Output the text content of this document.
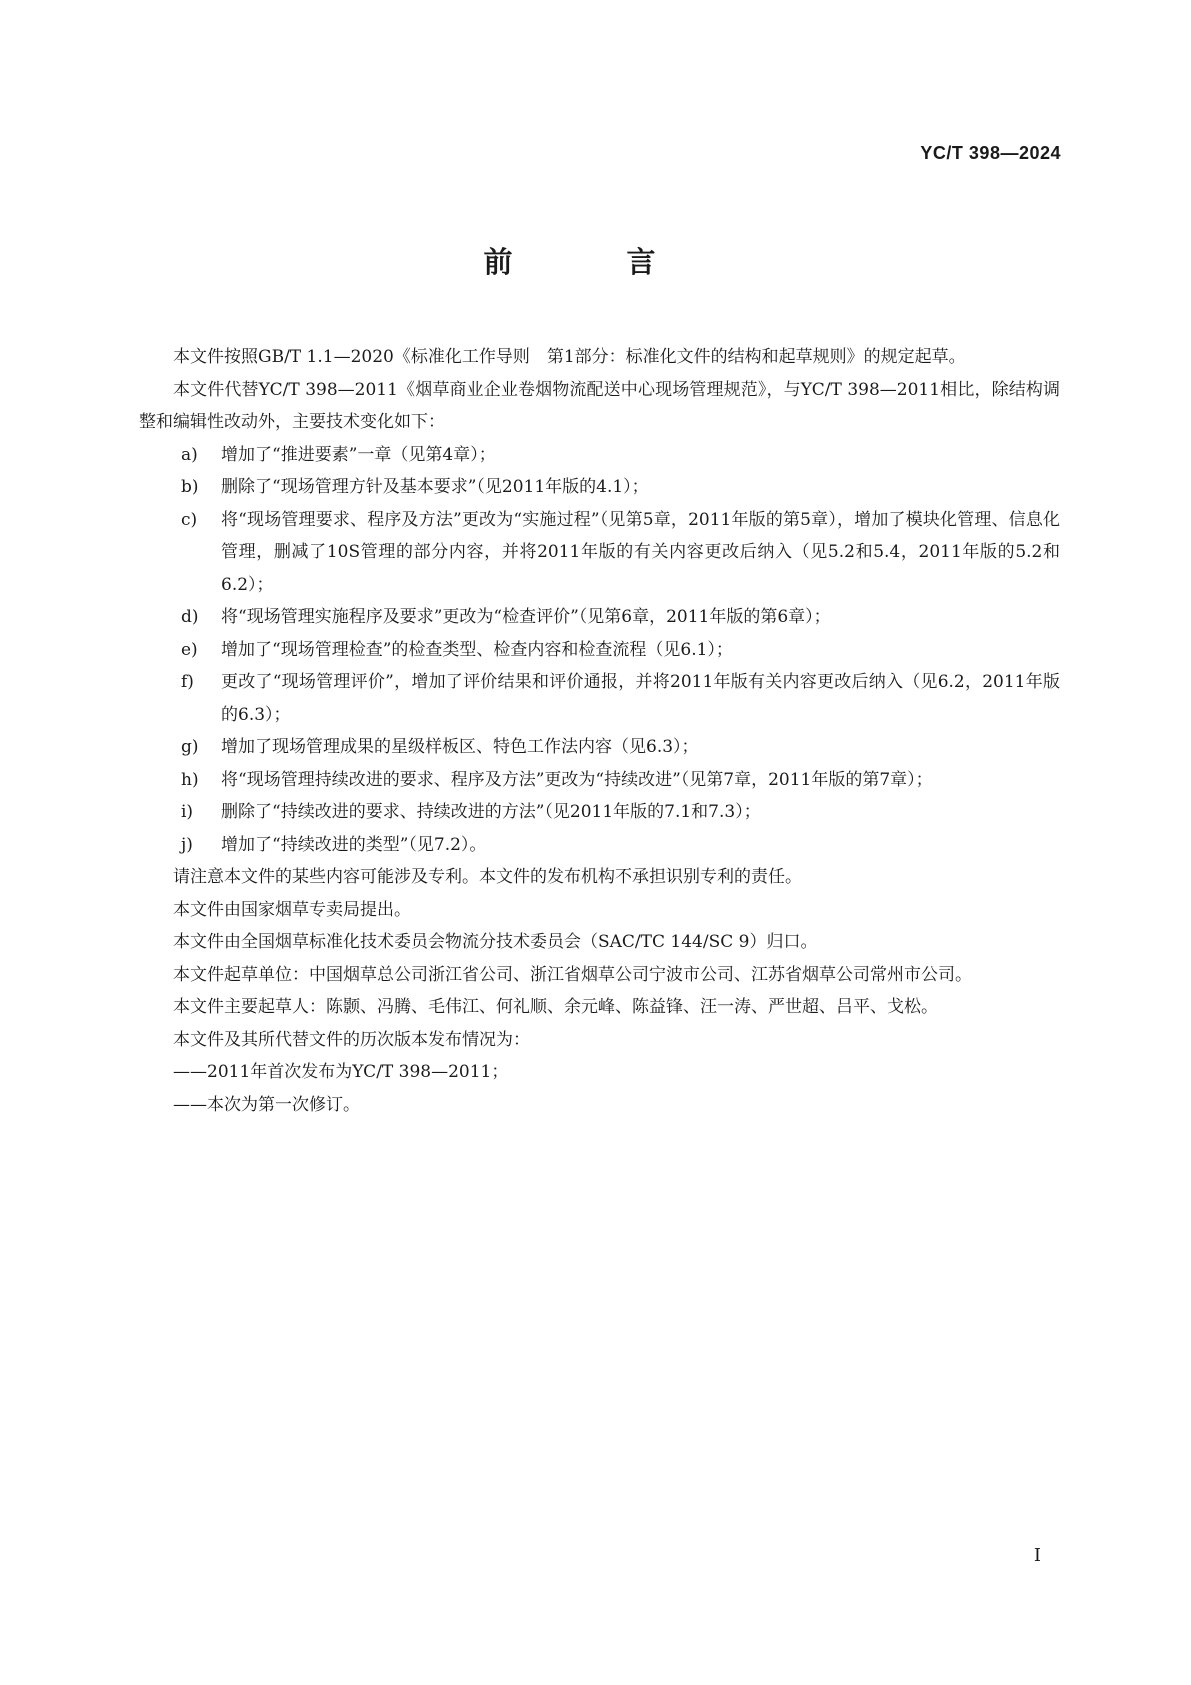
YC/T 398—2024
前 言

本文件按照GB/T 1.1—2020《标准化工作导则　第1部分：标准化文件的结构和起草规则》的规定起草。

本文件代替YC/T 398—2011《烟草商业企业卷烟物流配送中心现场管理规范》，与YC/T 398—2011相比，除结构调整和编辑性改动外，主要技术变化如下：

a) 增加了“推进要素”一章（见第4章）；

b) 删除了“现场管理方针及基本要求”（见2011年版的4.1）；

c) 将“现场管理要求、程序及方法”更改为“实施过程”（见第5章，2011年版的第5章），增加了模块化管理、信息化管理，删减了10S管理的部分内容，并将2011年版的有关内容更改后纳入（见5.2和5.4，2011年版的5.2和6.2）；

d) 将“现场管理实施程序及要求”更改为“检查评价”（见第6章，2011年版的第6章）；

e) 增加了“现场管理检查”的检查类型、检查内容和检查流程（见6.1）；

f) 更改了“现场管理评价”，增加了评价结果和评价通报，并将2011年版有关内容更改后纳入（见6.2，2011年版的6.3）；

g) 增加了现场管理成果的星级样板区、特色工作法内容（见6.3）；

h) 将“现场管理持续改进的要求、程序及方法”更改为“持续改进”（见第7章，2011年版的第7章）；

i) 删除了“持续改进的要求、持续改进的方法”（见2011年版的7.1和7.3）；

j) 增加了“持续改进的类型”（见7.2）。

请注意本文件的某些内容可能涉及专利。本文件的发布机构不承担识别专利的责任。

本文件由国家烟草专卖局提出。

本文件由全国烟草标准化技术委员会物流分技术委员会（SAC/TC 144/SC 9）归口。

本文件起草单位：中国烟草总公司浙江省公司、浙江省烟草公司宁波市公司、江苏省烟草公司常州市公司。

本文件主要起草人：陈颢、冯腾、毛伟江、何礼顺、余元峰、陈益锋、汪一涛、严世超、吕平、戈松。

本文件及其所代替文件的历次版本发布情况为：

——2011年首次发布为YC/T 398—2011；

——本次为第一次修订。

I
